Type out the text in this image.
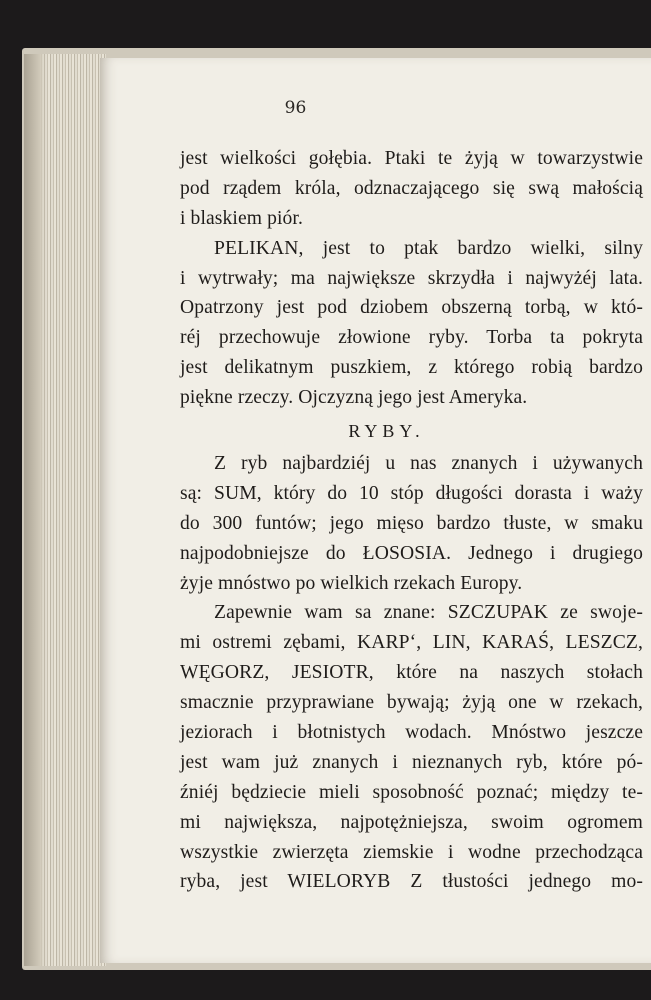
96
jest wielkości gołębia. Ptaki te żyją w towarzystwie
pod rządem króla, odznaczającego się swą małością
i blaskiem piór.
PELIKAN, jest to ptak bardzo wielki, silny
i wytrwały; ma największe skrzydła i najwyżéj lata.
Opatrzony jest pod dziobem obszerną torbą, w któ-
réj przechowuje złowione ryby. Torba ta pokryta
jest delikatnym puszkiem, z którego robią bardzo
piękne rzeczy. Ojczyzną jego jest Ameryka.
RYBY.
Z ryb najbardziéj u nas znanych i używanych
są: SUM, który do 10 stóp długości dorasta i waży
do 300 funtów; jego mięso bardzo tłuste, w smaku
najpodobniejsze do ŁOSOSIA. Jednego i drugiego
żyje mnóstwo po wielkich rzekach Europy.
Zapewnie wam sa znane: SZCZUPAK ze swoje-
mi ostremi zębami, KARP‘, LIN, KARAŚ, LESZCZ,
WĘGORZ, JESIOTR, które na naszych stołach
smacznie przyprawiane bywają; żyją one w rzekach,
jeziorach i błotnistych wodach. Mnóstwo jeszcze
jest wam już znanych i nieznanych ryb, które pó-
źniéj będziecie mieli sposobność poznać; między te-
mi największa, najpotężniejsza, swoim ogromem
wszystkie zwierzęta ziemskie i wodne przechodząca
ryba, jest WIELORYB Z tłustości jednego mo-
